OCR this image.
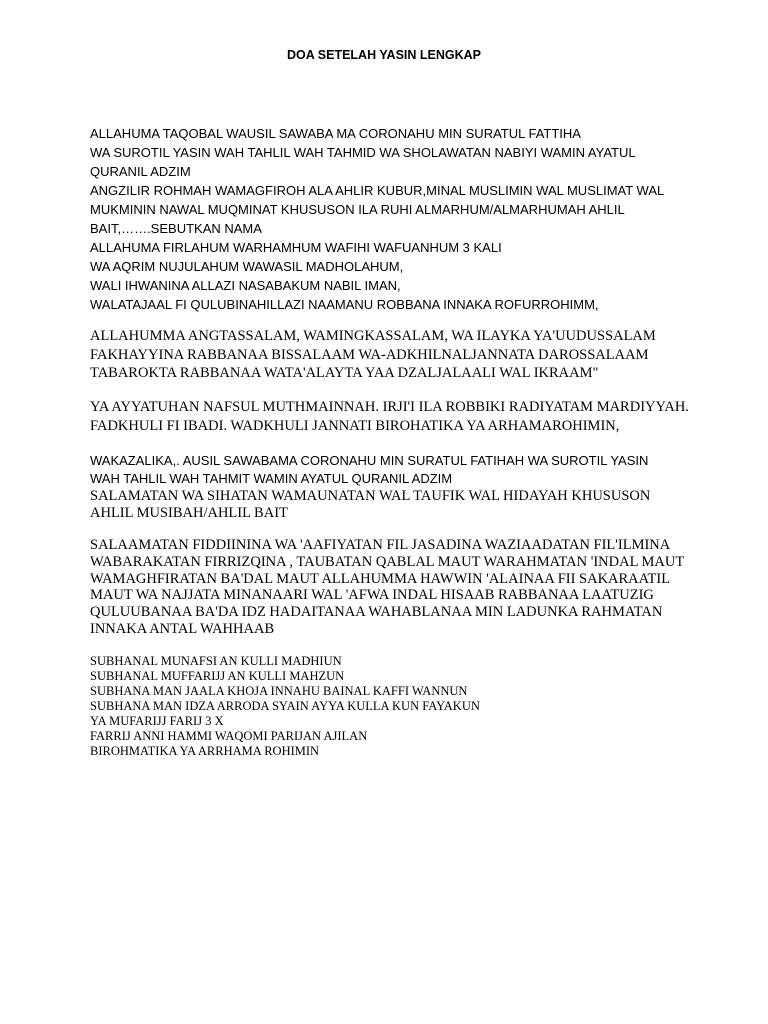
DOA SETELAH YASIN LENGKAP
ALLAHUMA TAQOBAL WAUSIL SAWABA MA CORONAHU MIN SURATUL FATTIHA
WA SUROTIL YASIN WAH TAHLIL WAH TAHMID WA SHOLAWATAN NABIYI WAMIN AYATUL
QURANIL ADZIM
ANGZILIR ROHMAH WAMAGFIROH ALA AHLIR KUBUR,MINAL MUSLIMIN WAL MUSLIMAT WAL
MUKMININ NAWAL MUQMINAT KHUSUSON ILA RUHI ALMARHUM/ALMARHUMAH AHLIL
BAIT,…….SEBUTKAN NAMA
ALLAHUMA FIRLAHUM WARHAMHUM WAFIHI WAFUANHUM 3 KALI
WA AQRIM NUJULAHUM WAWASIL MADHOLAHUM,
WALI IHWANINA ALLAZI NASABAKUM NABIL IMAN,
WALATAJAAL FI QULUBINAHILLAZI NAAMANU ROBBANA INNAKA ROFURROHIMM,
ALLAHUMMA ANGTASSALAM, WAMINGKASSALAM, WA ILAYKA YA'UUDUSSALAM
FAKHAYYINA RABBANAA BISSALAAM WA-ADKHILNALJANNATA DAROSSALAAM
TABAROKTA RABBANAA WATA'ALAYTA YAA DZALJALAALI WAL IKRAAM"
YA AYYATUHAN NAFSUL MUTHMAINNAH. IRJI'I ILA ROBBIKI RADIYATAM MARDIYYAH.
FADKHULI FI IBADI. WADKHULI JANNATI BIROHATIKA YA ARHAMAROHIMIN,
WAKAZALIKA,. AUSIL SAWABAMA CORONAHU MIN SURATUL FATIHAH WA SUROTIL YASIN
WAH TAHLIL WAH TAHMIT WAMIN AYATUL QURANIL ADZIM
SALAMATAN WA SIHATAN WAMAUNATAN WAL TAUFIK WAL HIDAYAH KHUSUSON
AHLIL MUSIBAH/AHLIL BAIT
SALAAMATAN FIDDIININA WA 'AAFIYATAN FIL JASADINA WAZIAADATAN FIL'ILMINA
WABARAKATAN FIRRIZQINA , TAUBATAN QABLAL MAUT WARAHMATAN 'INDAL MAUT
WAMAGHFIRATAN BA'DAL MAUT ALLAHUMMA HAWWIN 'ALAINAA FII SAKARAATIL
MAUT WA NAJJATA MINANAARI WAL 'AFWA INDAL HISAAB RABBANAA LAATUZIG
QULUUBANAA BA'DA IDZ HADAITANAA WAHABLANAA MIN LADUNKA RAHMATAN
INNAKA ANTAL WAHHAAB
SUBHANAL MUNAFSI AN KULLI MADHIUN
SUBHANAL MUFFARIJJ AN KULLI MAHZUN
SUBHANA MAN JAALA KHOJA INNAHU BAINAL KAFFI WANNUN
SUBHANA MAN IDZA ARRODA SYAIN AYYA KULLA KUN FAYAKUN
YA MUFARIJJ FARIJ 3 X
FARRIJ ANNI HAMMI WAQOMI PARIJAN AJILAN
BIROHMATIKA YA ARRHAMA ROHIMIN
